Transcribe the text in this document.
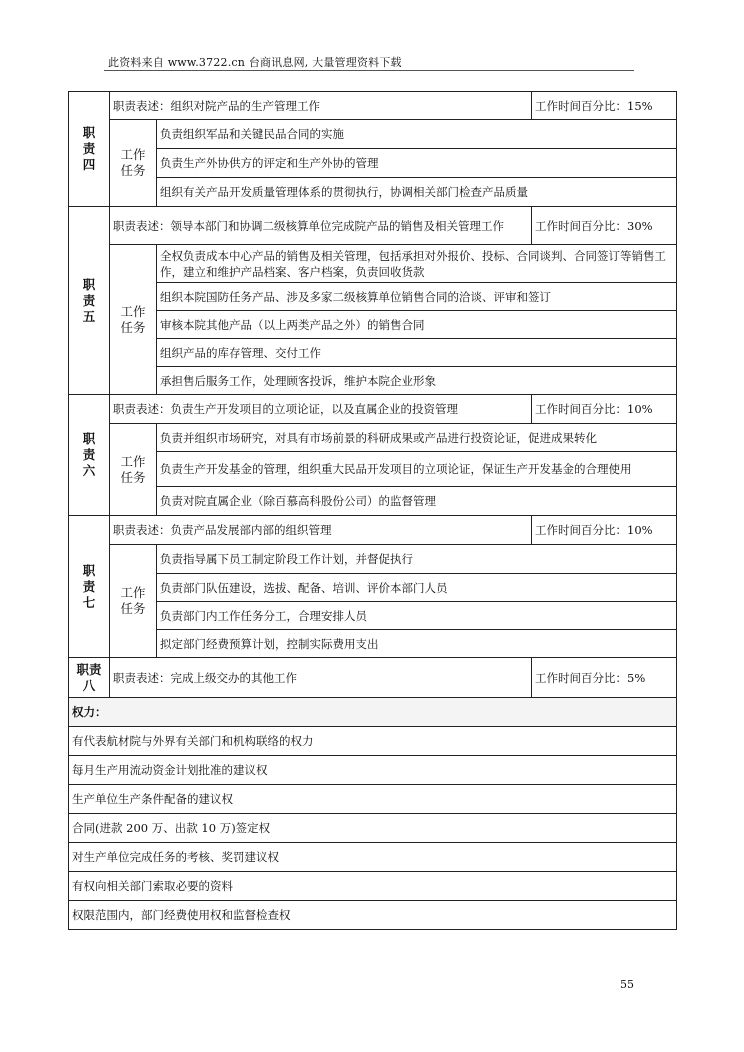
此资料来自 www.3722.cn 台商讯息网, 大量管理资料下载
职
责
四	职责表述：组织对院产品的生产管理工作		工作时间百分比：15%

	工作
任务	负责组织军品和关键民品合同的实施	
		负责生产外协供方的评定和生产外协的管理	
		组织有关产品开发质量管理体系的贯彻执行，协调相关部门检查产品质量	

职
责
五	职责表述：领导本部门和协调二级核算单位完成院产品的销售及相关管理工作		工作时间百分比：30%

	工作
任务	全权负责成本中心产品的销售及相关管理，包括承担对外报价、投标、合同谈判、合同签订等销售工作，建立和维护产品档案、客户档案，负责回收货款	
		组织本院国防任务产品、涉及多家二级核算单位销售合同的洽谈、评审和签订	
		审核本院其他产品（以上两类产品之外）的销售合同	
		组织产品的库存管理、交付工作	
		承担售后服务工作，处理顾客投诉，维护本院企业形象	

职
责
六	职责表述：负责生产开发项目的立项论证，以及直属企业的投资管理		工作时间百分比：10%

	工作
任务	负责并组织市场研究，对具有市场前景的科研成果或产品进行投资论证，促进成果转化	
		负责生产开发基金的管理，组织重大民品开发项目的立项论证，保证生产开发基金的合理使用	
		负责对院直属企业（除百慕高科股份公司）的监督管理	

职
责
七	职责表述：负责产品发展部内部的组织管理		工作时间百分比：10%

	工作
任务	负责指导属下员工制定阶段工作计划，并督促执行	
		负责部门队伍建设，选拔、配备、培训、评价本部门人员	
		负责部门内工作任务分工，合理安排人员	
		拟定部门经费预算计划，控制实际费用支出	

职责
八	职责表述：完成上级交办的其他工作		工作时间百分比：5%
权力：			
有代表航材院与外界有关部门和机构联络的权力			
每月生产用流动资金计划批准的建议权			
生产单位生产条件配备的建议权			
合同(进款 200 万、出款 10 万)签定权			
对生产单位完成任务的考核、奖罚建议权			
有权向相关部门索取必要的资料			
权限范围内，部门经费使用权和监督检查权			
55
